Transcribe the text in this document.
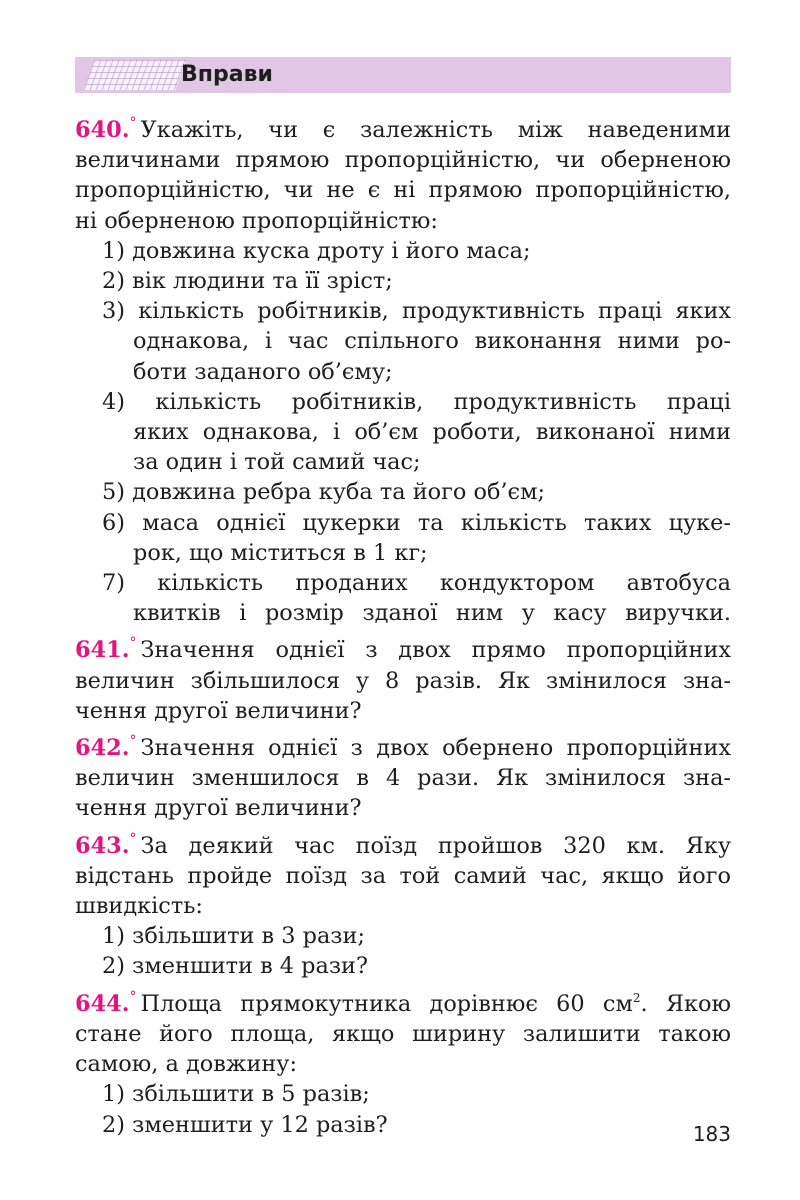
Вправи
640.° Укажіть, чи є залежність між наведеними
величинами прямою пропорційністю, чи оберненою
пропорційністю, чи не є ні прямою пропорційністю,
ні оберненою пропорційністю:
1) довжина куска дроту і його маса;
2) вік людини та її зріст;
3) кількість робітників, продуктивність праці яких
однакова, і час спільного виконання ними ро-
боти заданого об’єму;
4) кількість робітників, продуктивність праці
яких однакова, і об’єм роботи, виконаної ними
за один і той самий час;
5) довжина ребра куба та його об’єм;
6) маса однієї цукерки та кількість таких цуке-
рок, що міститься в 1 кг;
7) кількість проданих кондуктором автобуса
квитків і розмір зданої ним у касу виручки.
641.° Значення однієї з двох прямо пропорційних
величин збільшилося у 8 разів. Як змінилося зна-
чення другої величини?
642.° Значення однієї з двох обернено пропорційних
величин зменшилося в 4 рази. Як змінилося зна-
чення другої величини?
643.° За деякий час поїзд пройшов 320 км. Яку
відстань пройде поїзд за той самий час, якщо його
швидкість:
1) збільшити в 3 рази;
2) зменшити в 4 рази?
644.° Площа прямокутника дорівнює 60 $см^2$. Якою
стане його площа, якщо ширину залишити такою
самою, а довжину:
1) збільшити в 5 разів;
2) зменшити у 12 разів?	183
